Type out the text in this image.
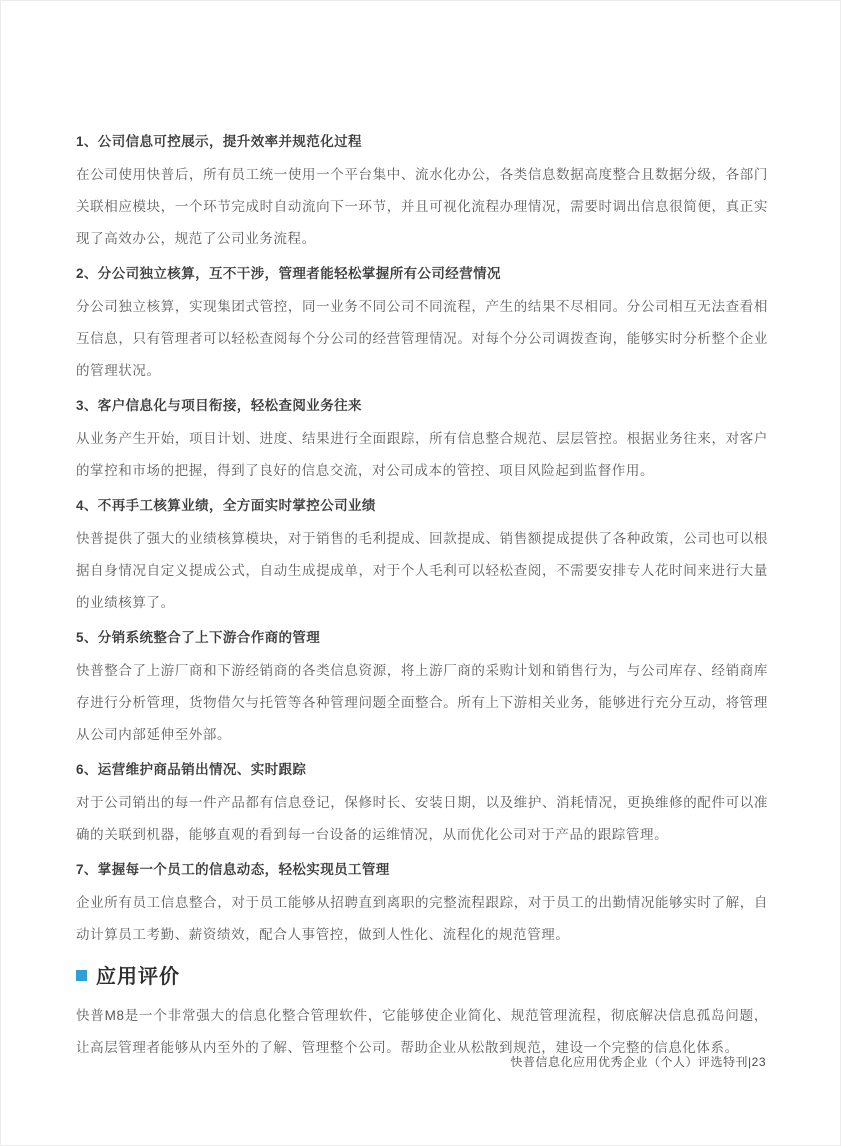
1、公司信息可控展示，提升效率并规范化过程

在公司使用快普后，所有员工统一使用一个平台集中、流水化办公，各类信息数据高度整合且数据分级，各部门关联相应模块，一个环节完成时自动流向下一环节，并且可视化流程办理情况，需要时调出信息很简便，真正实现了高效办公，规范了公司业务流程。

2、分公司独立核算，互不干涉，管理者能轻松掌握所有公司经营情况

分公司独立核算，实现集团式管控，同一业务不同公司不同流程，产生的结果不尽相同。分公司相互无法查看相互信息，只有管理者可以轻松查阅每个分公司的经营管理情况。对每个分公司调拨查询，能够实时分析整个企业的管理状况。

3、客户信息化与项目衔接，轻松查阅业务往来

从业务产生开始，项目计划、进度、结果进行全面跟踪，所有信息整合规范、层层管控。根据业务往来，对客户的掌控和市场的把握，得到了良好的信息交流，对公司成本的管控、项目风险起到监督作用。

4、不再手工核算业绩，全方面实时掌控公司业绩

快普提供了强大的业绩核算模块，对于销售的毛利提成、回款提成、销售额提成提供了各种政策，公司也可以根据自身情况自定义提成公式，自动生成提成单，对于个人毛利可以轻松查阅，不需要安排专人花时间来进行大量的业绩核算了。

5、分销系统整合了上下游合作商的管理

快普整合了上游厂商和下游经销商的各类信息资源，将上游厂商的采购计划和销售行为，与公司库存、经销商库存进行分析管理，货物借欠与托管等各种管理问题全面整合。所有上下游相关业务，能够进行充分互动，将管理从公司内部延伸至外部。

6、运营维护商品销出情况、实时跟踪

对于公司销出的每一件产品都有信息登记，保修时长、安装日期，以及维护、消耗情况，更换维修的配件可以准确的关联到机器，能够直观的看到每一台设备的运维情况，从而优化公司对于产品的跟踪管理。

7、掌握每一个员工的信息动态，轻松实现员工管理

企业所有员工信息整合，对于员工能够从招聘直到离职的完整流程跟踪，对于员工的出勤情况能够实时了解，自动计算员工考勤、薪资绩效，配合人事管控，做到人性化、流程化的规范管理。

应用评价

快普M8是一个非常强大的信息化整合管理软件，它能够使企业简化、规范管理流程，彻底解决信息孤岛问题，让高层管理者能够从内至外的了解、管理整个公司。帮助企业从松散到规范，建设一个完整的信息化体系。

快普信息化应用优秀企业（个人）评选特刊|23
